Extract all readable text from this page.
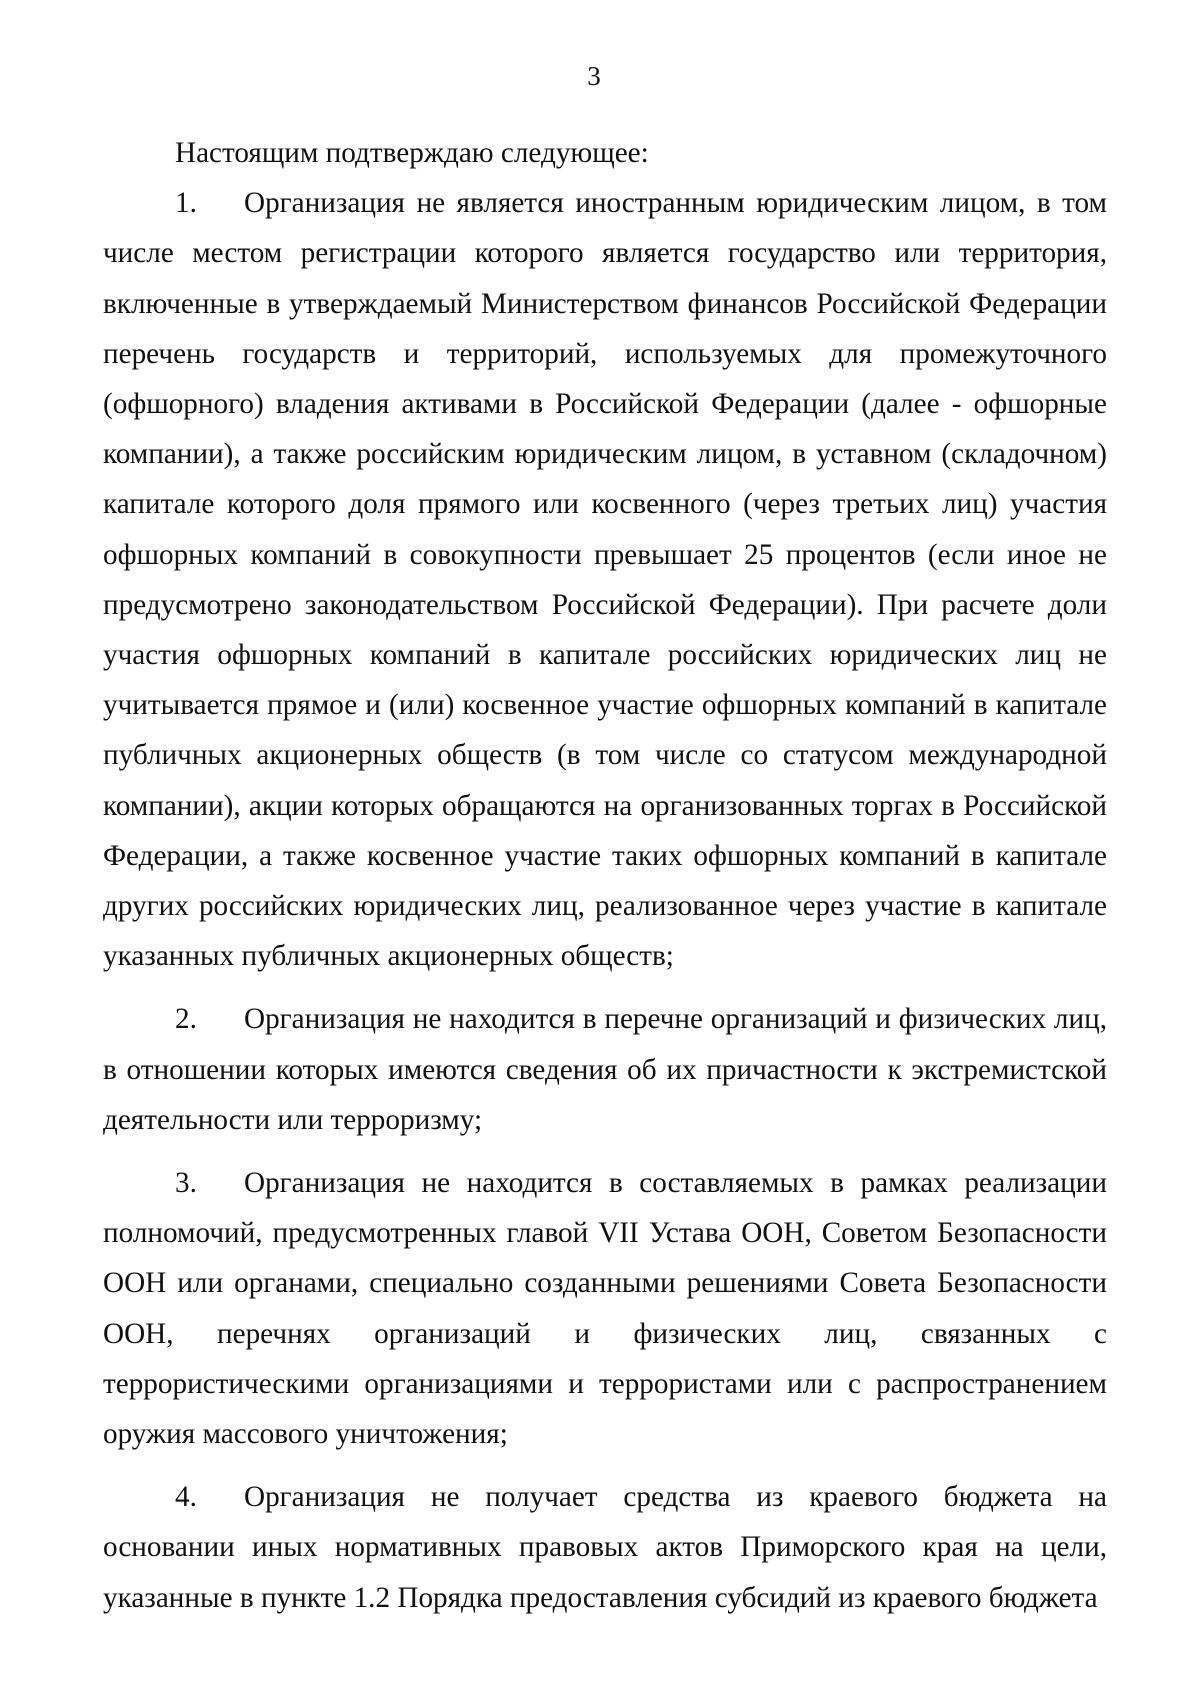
3

Настоящим подтверждаю следующее:

1. Организация не является иностранным юридическим лицом, в том числе местом регистрации которого является государство или территория, включенные в утверждаемый Министерством финансов Российской Федерации перечень государств и территорий, используемых для промежуточного (офшорного) владения активами в Российской Федерации (далее - офшорные компании), а также российским юридическим лицом, в уставном (складочном) капитале которого доля прямого или косвенного (через третьих лиц) участия офшорных компаний в совокупности превышает 25 процентов (если иное не предусмотрено законодательством Российской Федерации). При расчете доли участия офшорных компаний в капитале российских юридических лиц не учитывается прямое и (или) косвенное участие офшорных компаний в капитале публичных акционерных обществ (в том числе со статусом международной компании), акции которых обращаются на организованных торгах в Российской Федерации, а также косвенное участие таких офшорных компаний в капитале других российских юридических лиц, реализованное через участие в капитале указанных публичных акционерных обществ;

2. Организация не находится в перечне организаций и физических лиц, в отношении которых имеются сведения об их причастности к экстремистской деятельности или терроризму;

3. Организация не находится в составляемых в рамках реализации полномочий, предусмотренных главой VII Устава ООН, Советом Безопасности ООН или органами, специально созданными решениями Совета Безопасности ООН, перечнях организаций и физических лиц, связанных с террористическими организациями и террористами или с распространением оружия массового уничтожения;

4. Организация не получает средства из краевого бюджета на основании иных нормативных правовых актов Приморского края на цели, указанные в пункте 1.2 Порядка предоставления субсидий из краевого бюджета
